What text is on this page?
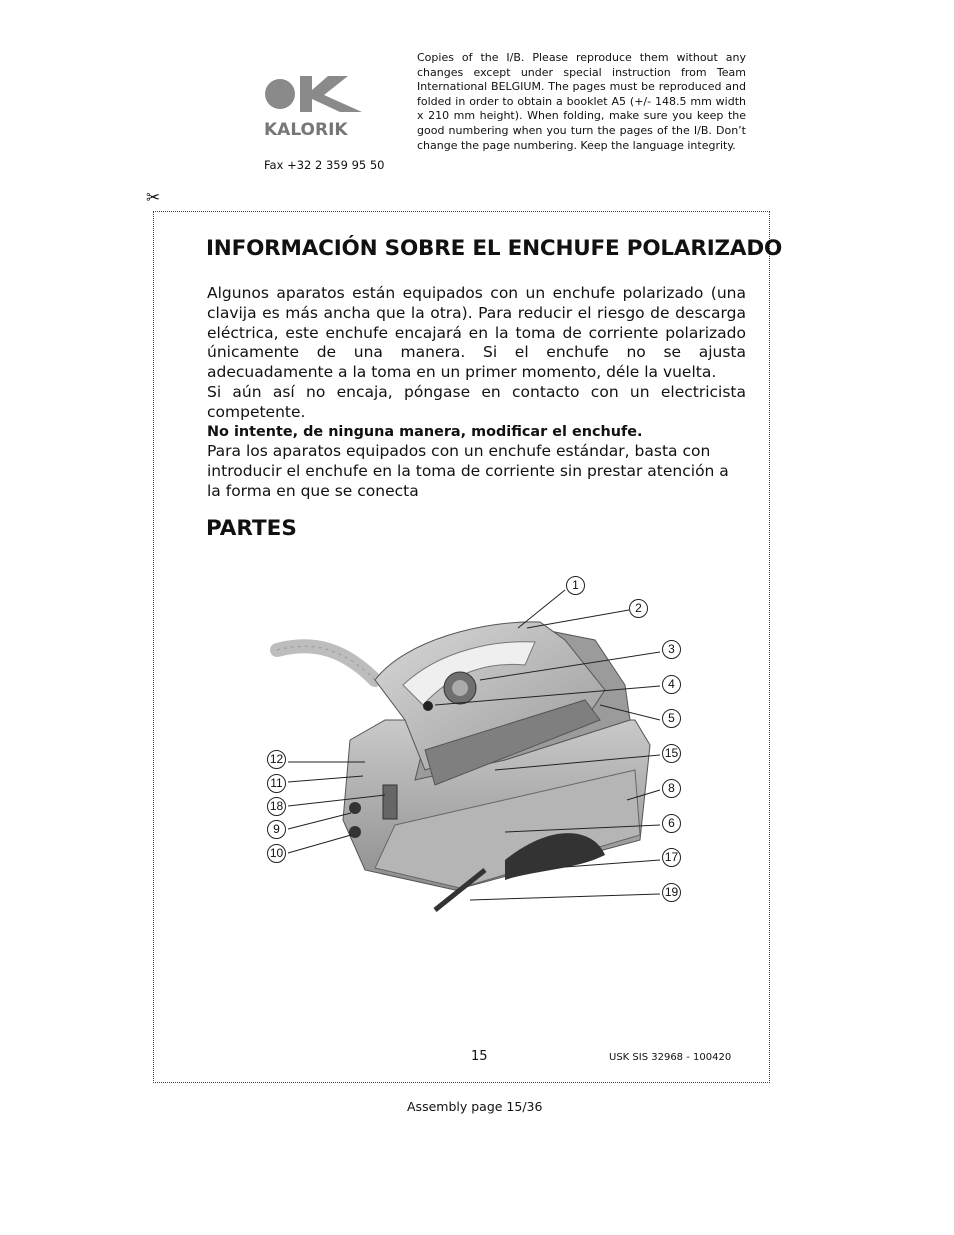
KALORIK
Fax +32 2 359 95 50
Copies of the I/B. Please reproduce them without any changes except under special instruction from Team International BELGIUM. The pages must be reproduced and folded in order to obtain a booklet A5 (+/- 148.5 mm width x 210 mm height). When folding, make sure you keep the good numbering when you turn the pages of the I/B. Don’t change the page numbering. Keep the language integrity.
✂
INFORMACIÓN SOBRE EL ENCHUFE POLARIZADO

Algunos aparatos están equipados con un enchufe polarizado (una clavija es más ancha que la otra). Para reducir el riesgo de descarga eléctrica, este enchufe encajará en la toma de corriente polarizado únicamente de una manera. Si el enchufe no se ajusta adecuadamente a la toma en un primer momento, déle la vuelta.

Si aún así no encaja, póngase en contacto con un electricista competente.

No intente, de ninguna manera, modificar el enchufe.

Para los aparatos equipados con un enchufe estándar, basta con introducir el enchufe en la toma de corriente sin prestar atención a la forma en que se conecta

PARTES
1
2
3
4
5
15
8
6
17
19
12
11
18
9
10
15	USK SIS 32968 - 100420
Assembly page 15/36
